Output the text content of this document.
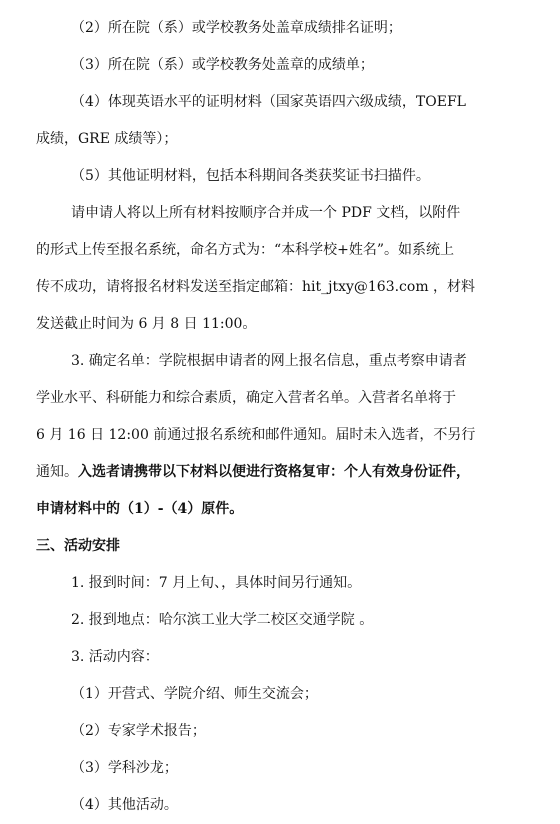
（2）所在院（系）或学校教务处盖章成绩排名证明；
（3）所在院（系）或学校教务处盖章的成绩单；
（4）体现英语水平的证明材料（国家英语四六级成绩，TOEFL
成绩，GRE 成绩等）；
（5）其他证明材料，包括本科期间各类获奖证书扫描件。
请申请人将以上所有材料按顺序合并成一个 PDF 文档，以附件
的形式上传至报名系统，命名方式为：“本科学校+姓名”。如系统上
传不成功，请将报名材料发送至指定邮箱：hit_jtxy@163.com ，材料
发送截止时间为 6 月 8 日 11:00。
3. 确定名单：学院根据申请者的网上报名信息，重点考察申请者
学业水平、科研能力和综合素质，确定入营者名单。入营者名单将于
6 月 16 日 12:00 前通过报名系统和邮件通知。届时未入选者，不另行
通知。入选者请携带以下材料以便进行资格复审：个人有效身份证件，
申请材料中的（1）-（4）原件。
三、活动安排
1. 报到时间：7 月上旬、，具体时间另行通知。
2. 报到地点：哈尔滨工业大学二校区交通学院 。
3. 活动内容：
（1）开营式、学院介绍、师生交流会；
（2）专家学术报告；
（3）学科沙龙；
（4）其他活动。
